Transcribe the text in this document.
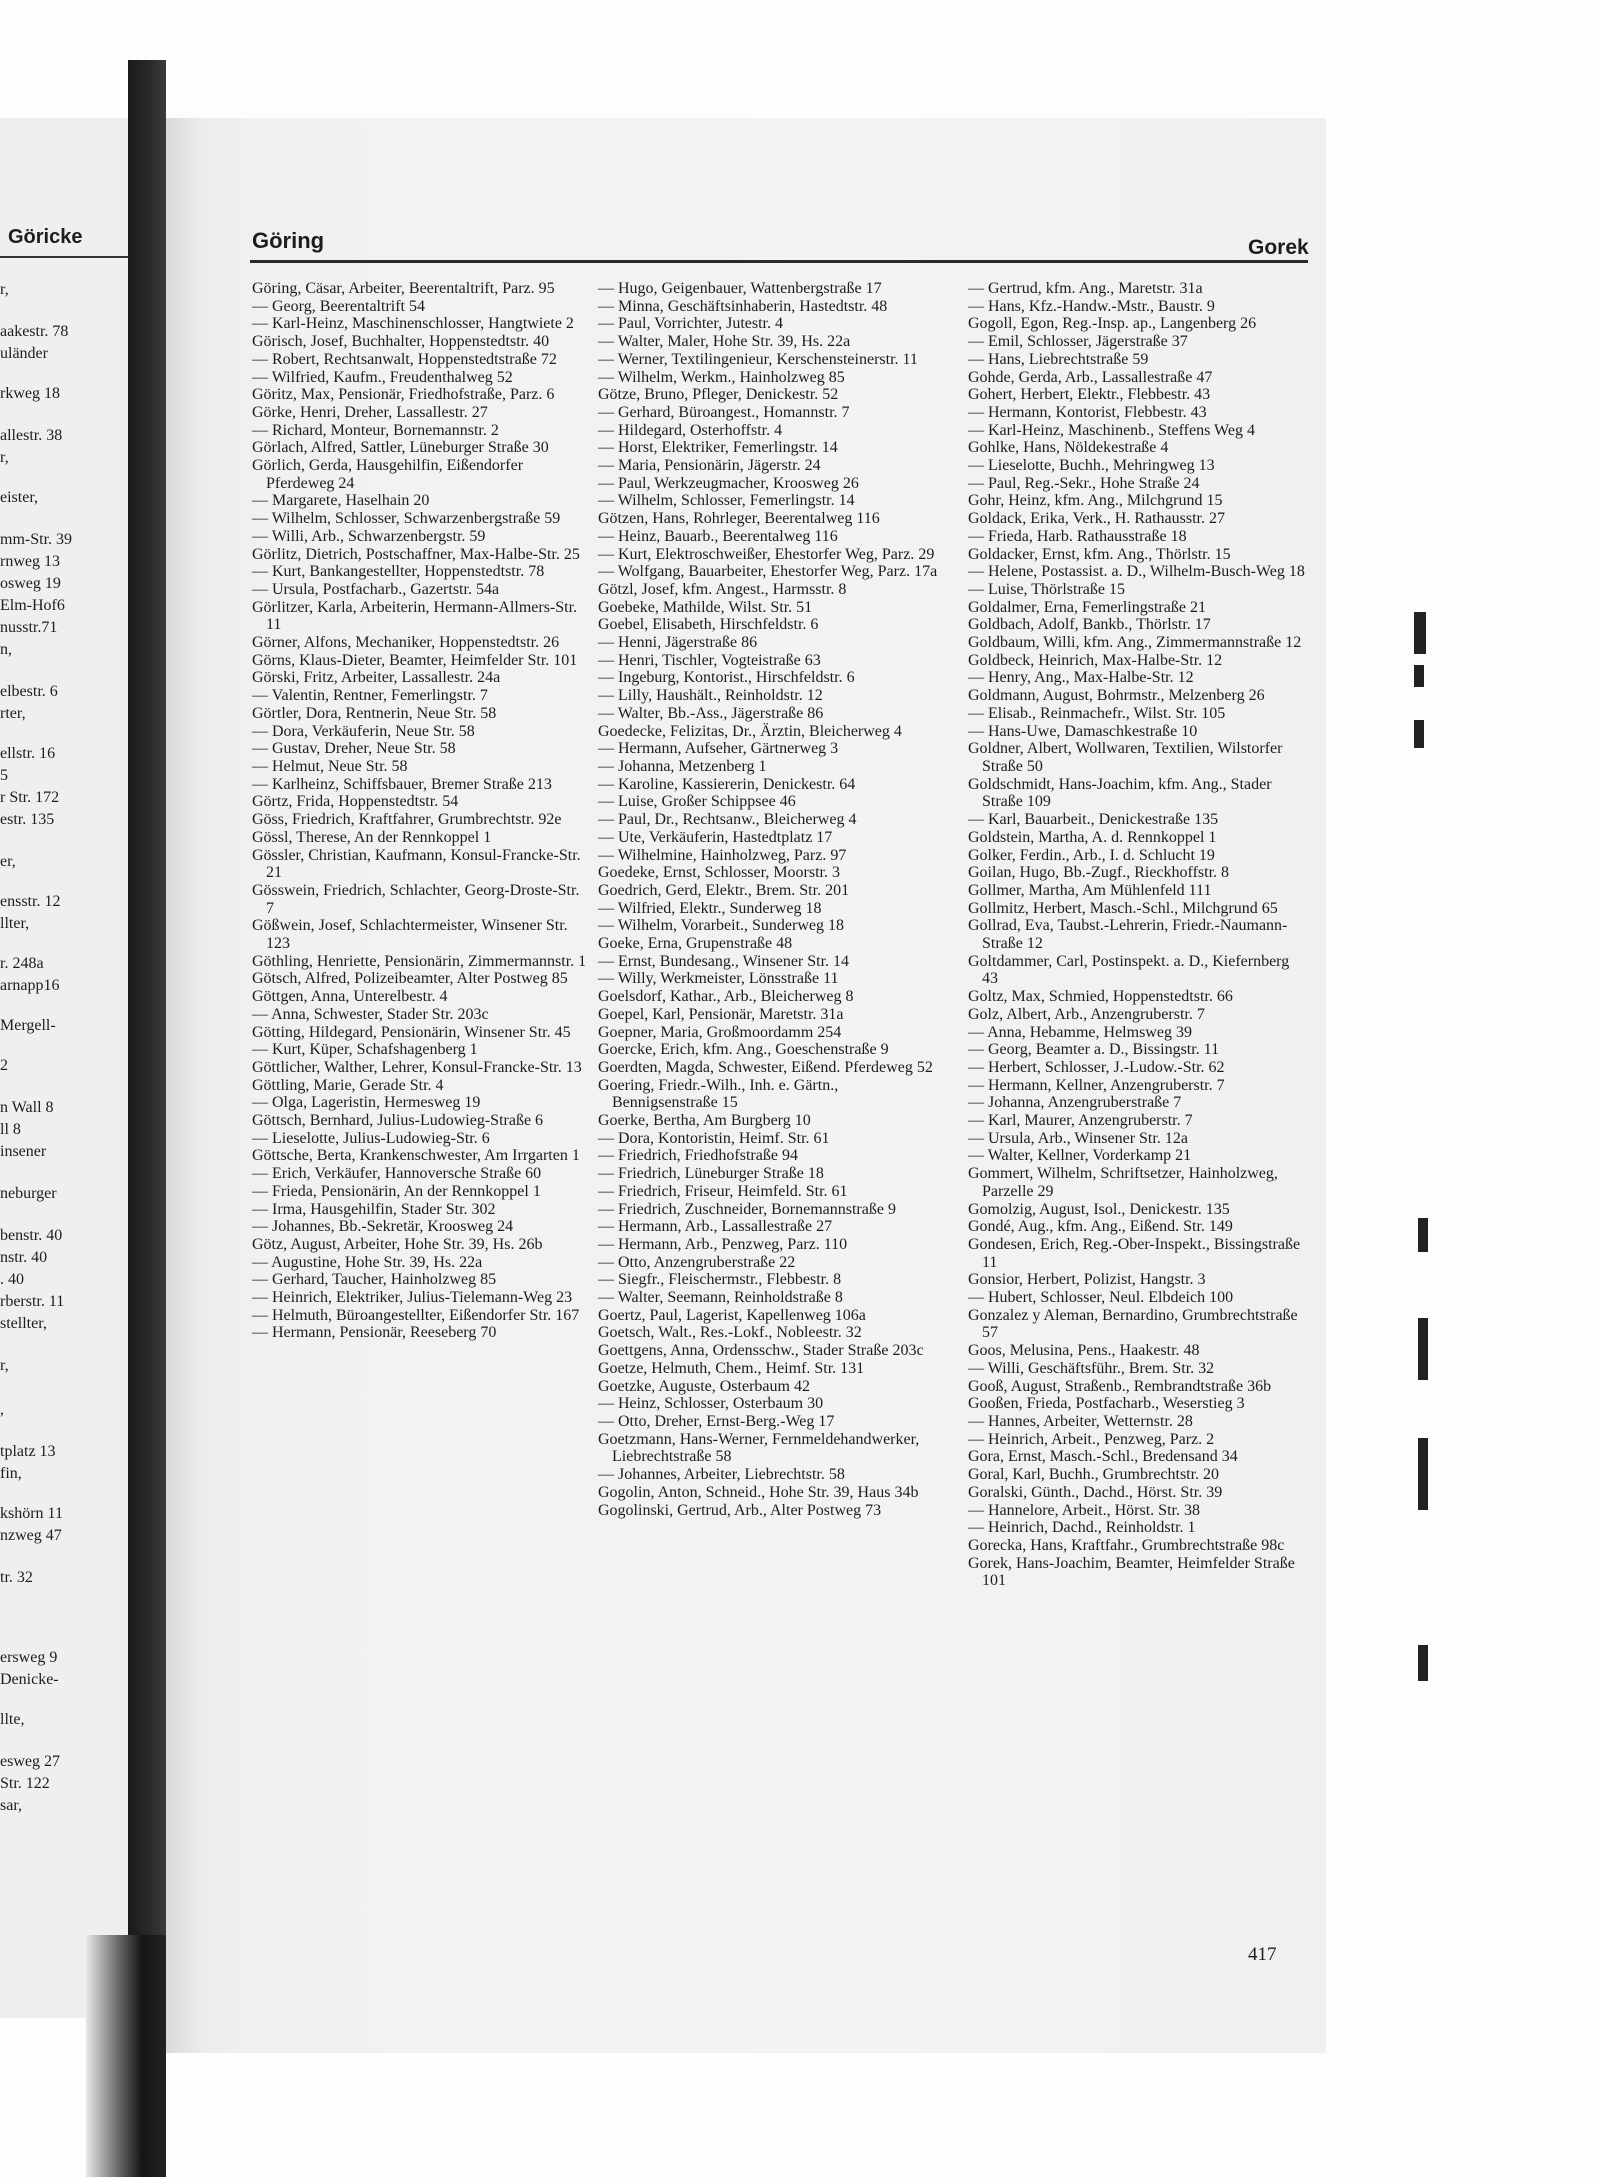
Göricke
r,
aakestr. 78
uländer
rkweg 18
allestr. 38
r,
eister,
mm-Str. 39
rnweg 13
osweg 19
Elm-Hof6
nusstr.71
n,
elbestr. 6
rter,
ellstr. 16
5
r Str. 172
estr. 135
er,
ensstr. 12
llter,
r. 248a
arnapp16
Mergell-
2
n Wall 8
ll 8
insener
neburger
benstr. 40
nstr. 40
. 40
rberstr. 11
stellter,
r,
,
tplatz 13
fin,
kshörn 11
nzweg 47
tr. 32
ersweg 9
Denicke-
llte,
esweg 27
Str. 122
sar,
Göring	Gorek
Göring, Cäsar, Arbeiter, Beerentaltrift, Parz. 95
— Georg, Beerentaltrift 54
— Karl-Heinz, Maschinenschlosser, Hangtwiete 2
Görisch, Josef, Buchhalter, Hoppenstedtstr. 40
— Robert, Rechtsanwalt, Hoppenstedtstraße 72
— Wilfried, Kaufm., Freudenthalweg 52
Göritz, Max, Pensionär, Friedhofstraße, Parz. 6
Görke, Henri, Dreher, Lassallestr. 27
— Richard, Monteur, Bornemannstr. 2
Görlach, Alfred, Sattler, Lüneburger Straße 30
Görlich, Gerda, Hausgehilfin, Eißendorfer Pferdeweg 24
— Margarete, Haselhain 20
— Wilhelm, Schlosser, Schwarzenbergstraße 59
— Willi, Arb., Schwarzenbergstr. 59
Görlitz, Dietrich, Postschaffner, Max-Halbe-Str. 25
— Kurt, Bankangestellter, Hoppenstedtstr. 78
— Ursula, Postfacharb., Gazertstr. 54a
Görlitzer, Karla, Arbeiterin, Hermann-Allmers-Str. 11
Görner, Alfons, Mechaniker, Hoppenstedtstr. 26
Görns, Klaus-Dieter, Beamter, Heimfelder Str. 101
Görski, Fritz, Arbeiter, Lassallestr. 24a
— Valentin, Rentner, Femerlingstr. 7
Görtler, Dora, Rentnerin, Neue Str. 58
— Dora, Verkäuferin, Neue Str. 58
— Gustav, Dreher, Neue Str. 58
— Helmut, Neue Str. 58
— Karlheinz, Schiffsbauer, Bremer Straße 213
Görtz, Frida, Hoppenstedtstr. 54
Göss, Friedrich, Kraftfahrer, Grumbrechtstr. 92e
Gössl, Therese, An der Rennkoppel 1
Gössler, Christian, Kaufmann, Konsul-Francke-Str. 21
Gösswein, Friedrich, Schlachter, Georg-Droste-Str. 7
Gößwein, Josef, Schlachtermeister, Winsener Str. 123
Göthling, Henriette, Pensionärin, Zimmermannstr. 1
Götsch, Alfred, Polizeibeamter, Alter Postweg 85
Göttgen, Anna, Unterelbestr. 4
— Anna, Schwester, Stader Str. 203c
Götting, Hildegard, Pensionärin, Winsener Str. 45
— Kurt, Küper, Schafshagenberg 1
Göttlicher, Walther, Lehrer, Konsul-Francke-Str. 13
Göttling, Marie, Gerade Str. 4
— Olga, Lageristin, Hermesweg 19
Göttsch, Bernhard, Julius-Ludowieg-Straße 6
— Lieselotte, Julius-Ludowieg-Str. 6
Göttsche, Berta, Krankenschwester, Am Irrgarten 1
— Erich, Verkäufer, Hannoversche Straße 60
— Frieda, Pensionärin, An der Rennkoppel 1
— Irma, Hausgehilfin, Stader Str. 302
— Johannes, Bb.-Sekretär, Kroosweg 24
Götz, August, Arbeiter, Hohe Str. 39, Hs. 26b
— Augustine, Hohe Str. 39, Hs. 22a
— Gerhard, Taucher, Hainholzweg 85
— Heinrich, Elektriker, Julius-Tielemann-Weg 23
— Helmuth, Büroangestellter, Eißendorfer Str. 167
— Hermann, Pensionär, Reeseberg 70
— Hugo, Geigenbauer, Wattenbergstraße 17
— Minna, Geschäftsinhaberin, Hastedtstr. 48
— Paul, Vorrichter, Jutestr. 4
— Walter, Maler, Hohe Str. 39, Hs. 22a
— Werner, Textilingenieur, Kerschensteinerstr. 11
— Wilhelm, Werkm., Hainholzweg 85
Götze, Bruno, Pfleger, Denickestr. 52
— Gerhard, Büroangest., Homannstr. 7
— Hildegard, Osterhoffstr. 4
— Horst, Elektriker, Femerlingstr. 14
— Maria, Pensionärin, Jägerstr. 24
— Paul, Werkzeugmacher, Kroosweg 26
— Wilhelm, Schlosser, Femerlingstr. 14
Götzen, Hans, Rohrleger, Beerentalweg 116
— Heinz, Bauarb., Beerentalweg 116
— Kurt, Elektroschweißer, Ehestorfer Weg, Parz. 29
— Wolfgang, Bauarbeiter, Ehestorfer Weg, Parz. 17a
Götzl, Josef, kfm. Angest., Harmsstr. 8
Goebeke, Mathilde, Wilst. Str. 51
Goebel, Elisabeth, Hirschfeldstr. 6
— Henni, Jägerstraße 86
— Henri, Tischler, Vogteistraße 63
— Ingeburg, Kontorist., Hirschfeldstr. 6
— Lilly, Haushält., Reinholdstr. 12
— Walter, Bb.-Ass., Jägerstraße 86
Goedecke, Felizitas, Dr., Ärztin, Bleicherweg 4
— Hermann, Aufseher, Gärtnerweg 3
— Johanna, Metzenberg 1
— Karoline, Kassiererin, Denickestr. 64
— Luise, Großer Schippsee 46
— Paul, Dr., Rechtsanw., Bleicherweg 4
— Ute, Verkäuferin, Hastedtplatz 17
— Wilhelmine, Hainholzweg, Parz. 97
Goedeke, Ernst, Schlosser, Moorstr. 3
Goedrich, Gerd, Elektr., Brem. Str. 201
— Wilfried, Elektr., Sunderweg 18
— Wilhelm, Vorarbeit., Sunderweg 18
Goeke, Erna, Grupenstraße 48
— Ernst, Bundesang., Winsener Str. 14
— Willy, Werkmeister, Lönsstraße 11
Goelsdorf, Kathar., Arb., Bleicherweg 8
Goepel, Karl, Pensionär, Maretstr. 31a
Goepner, Maria, Großmoordamm 254
Goercke, Erich, kfm. Ang., Goeschenstraße 9
Goerdten, Magda, Schwester, Eißend. Pferdeweg 52
Goering, Friedr.-Wilh., Inh. e. Gärtn., Bennigsenstraße 15
Goerke, Bertha, Am Burgberg 10
— Dora, Kontoristin, Heimf. Str. 61
— Friedrich, Friedhofstraße 94
— Friedrich, Lüneburger Straße 18
— Friedrich, Friseur, Heimfeld. Str. 61
— Friedrich, Zuschneider, Bornemannstraße 9
— Hermann, Arb., Lassallestraße 27
— Hermann, Arb., Penzweg, Parz. 110
— Otto, Anzengruberstraße 22
— Siegfr., Fleischermstr., Flebbestr. 8
— Walter, Seemann, Reinholdstraße 8
Goertz, Paul, Lagerist, Kapellenweg 106a
Goetsch, Walt., Res.-Lokf., Nobleestr. 32
Goettgens, Anna, Ordensschw., Stader Straße 203c
Goetze, Helmuth, Chem., Heimf. Str. 131
Goetzke, Auguste, Osterbaum 42
— Heinz, Schlosser, Osterbaum 30
— Otto, Dreher, Ernst-Berg.-Weg 17
Goetzmann, Hans-Werner, Fernmeldehandwerker, Liebrechtstraße 58
— Johannes, Arbeiter, Liebrechtstr. 58
Gogolin, Anton, Schneid., Hohe Str. 39, Haus 34b
Gogolinski, Gertrud, Arb., Alter Postweg 73
— Gertrud, kfm. Ang., Maretstr. 31a
— Hans, Kfz.-Handw.-Mstr., Baustr. 9
Gogoll, Egon, Reg.-Insp. ap., Langenberg 26
— Emil, Schlosser, Jägerstraße 37
— Hans, Liebrechtstraße 59
Gohde, Gerda, Arb., Lassallestraße 47
Gohert, Herbert, Elektr., Flebbestr. 43
— Hermann, Kontorist, Flebbestr. 43
— Karl-Heinz, Maschinenb., Steffens Weg 4
Gohlke, Hans, Nöldekestraße 4
— Lieselotte, Buchh., Mehringweg 13
— Paul, Reg.-Sekr., Hohe Straße 24
Gohr, Heinz, kfm. Ang., Milchgrund 15
Goldack, Erika, Verk., H. Rathausstr. 27
— Frieda, Harb. Rathausstraße 18
Goldacker, Ernst, kfm. Ang., Thörlstr. 15
— Helene, Postassist. a. D., Wilhelm-Busch-Weg 18
— Luise, Thörlstraße 15
Goldalmer, Erna, Femerlingstraße 21
Goldbach, Adolf, Bankb., Thörlstr. 17
Goldbaum, Willi, kfm. Ang., Zimmermannstraße 12
Goldbeck, Heinrich, Max-Halbe-Str. 12
— Henry, Ang., Max-Halbe-Str. 12
Goldmann, August, Bohrmstr., Melzenberg 26
— Elisab., Reinmachefr., Wilst. Str. 105
— Hans-Uwe, Damaschkestraße 10
Goldner, Albert, Wollwaren, Textilien, Wilstorfer Straße 50
Goldschmidt, Hans-Joachim, kfm. Ang., Stader Straße 109
— Karl, Bauarbeit., Denickestraße 135
Goldstein, Martha, A. d. Rennkoppel 1
Golker, Ferdin., Arb., I. d. Schlucht 19
Goilan, Hugo, Bb.-Zugf., Rieckhoffstr. 8
Gollmer, Martha, Am Mühlenfeld 111
Gollmitz, Herbert, Masch.-Schl., Milchgrund 65
Gollrad, Eva, Taubst.-Lehrerin, Friedr.-Naumann-Straße 12
Goltdammer, Carl, Postinspekt. a. D., Kiefernberg 43
Goltz, Max, Schmied, Hoppenstedtstr. 66
Golz, Albert, Arb., Anzengruberstr. 7
— Anna, Hebamme, Helmsweg 39
— Georg, Beamter a. D., Bissingstr. 11
— Herbert, Schlosser, J.-Ludow.-Str. 62
— Hermann, Kellner, Anzengruberstr. 7
— Johanna, Anzengruberstraße 7
— Karl, Maurer, Anzengruberstr. 7
— Ursula, Arb., Winsener Str. 12a
— Walter, Kellner, Vorderkamp 21
Gommert, Wilhelm, Schriftsetzer, Hainholzweg, Parzelle 29
Gomolzig, August, Isol., Denickestr. 135
Gondé, Aug., kfm. Ang., Eißend. Str. 149
Gondesen, Erich, Reg.-Ober-Inspekt., Bissingstraße 11
Gonsior, Herbert, Polizist, Hangstr. 3
— Hubert, Schlosser, Neul. Elbdeich 100
Gonzalez y Aleman, Bernardino, Grumbrechtstraße 57
Goos, Melusina, Pens., Haakestr. 48
— Willi, Geschäftsführ., Brem. Str. 32
Gooß, August, Straßenb., Rembrandtstraße 36b
Gooßen, Frieda, Postfacharb., Weserstieg 3
— Hannes, Arbeiter, Wetternstr. 28
— Heinrich, Arbeit., Penzweg, Parz. 2
Gora, Ernst, Masch.-Schl., Bredensand 34
Goral, Karl, Buchh., Grumbrechtstr. 20
Goralski, Günth., Dachd., Hörst. Str. 39
— Hannelore, Arbeit., Hörst. Str. 38
— Heinrich, Dachd., Reinholdstr. 1
Gorecka, Hans, Kraftfahr., Grumbrechtstraße 98c
Gorek, Hans-Joachim, Beamter, Heimfelder Straße 101
417
